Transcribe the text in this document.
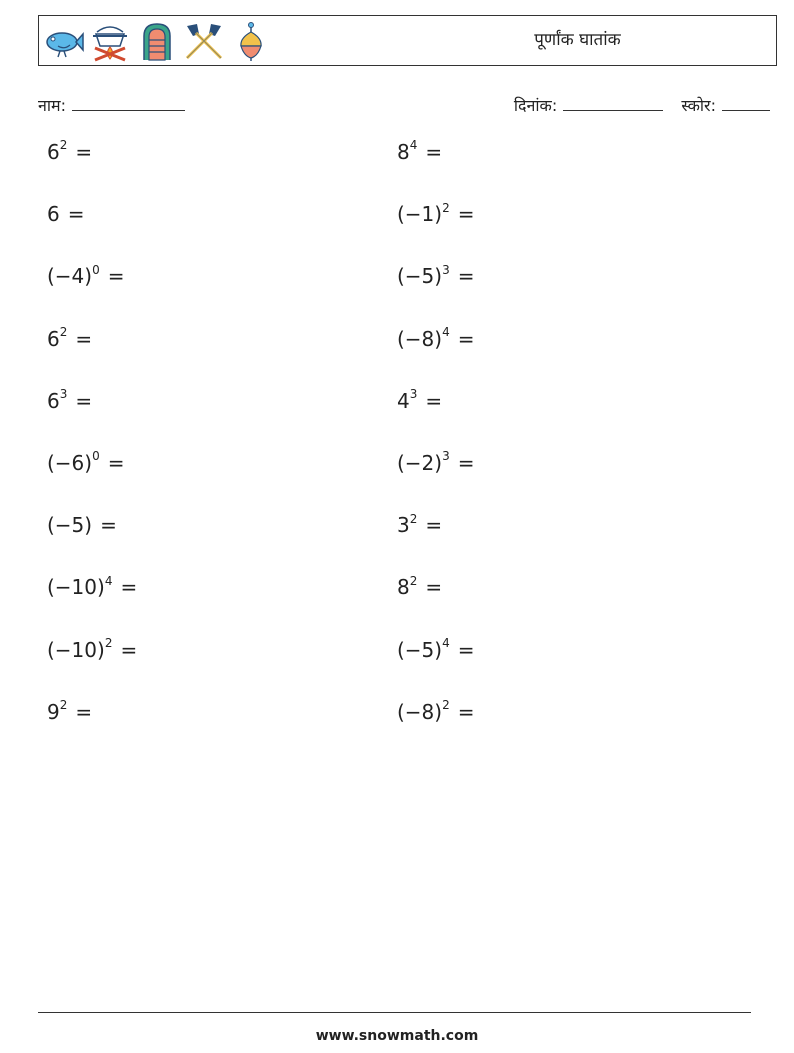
पूर्णांक घातांक
नाम:	दिनांक:	स्कोर:
$6^2$ =	$8^4$ =
6 =	$(-1)^2$ =
$(-4)^0$ =	$(-5)^3$ =
$6^2$ =	$(-8)^4$ =
$6^3$ =	$4^3$ =
$(-6)^0$ =	$(-2)^3$ =
(−5) =	$3^2$ =
$(-10)^4$ =	$8^2$ =
$(-10)^2$ =	$(-5)^4$ =
$9^2$ =	$(-8)^2$ =
www.snowmath.com
